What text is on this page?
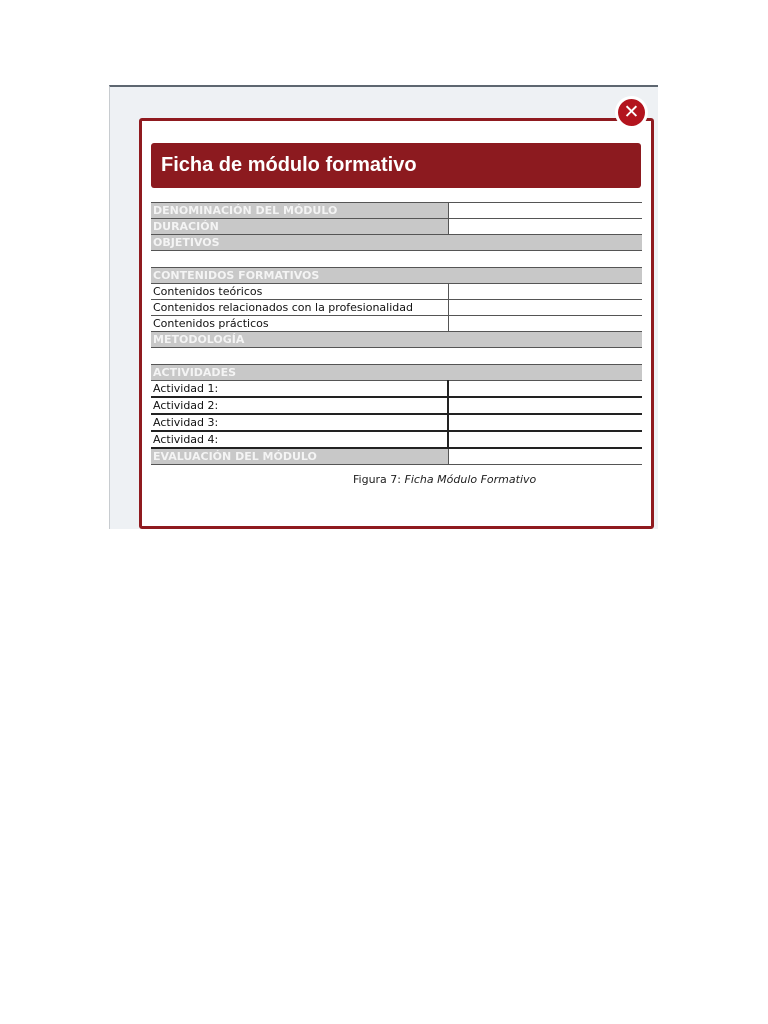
✕
Ficha de módulo formativo
DENOMINACIÓN DEL MÓDULO	
DURACIÓN	
OBJETIVOS	

CONTENIDOS FORMATIVOS	
Contenidos teóricos	
Contenidos relacionados con la profesionalidad	
Contenidos prácticos	
METODOLOGÍA	

ACTIVIDADES	
Actividad 1:	
Actividad 2:	
Actividad 3:	
Actividad 4:	
EVALUACIÓN DEL MÓDULO	
Figura 7: Ficha Módulo Formativo
